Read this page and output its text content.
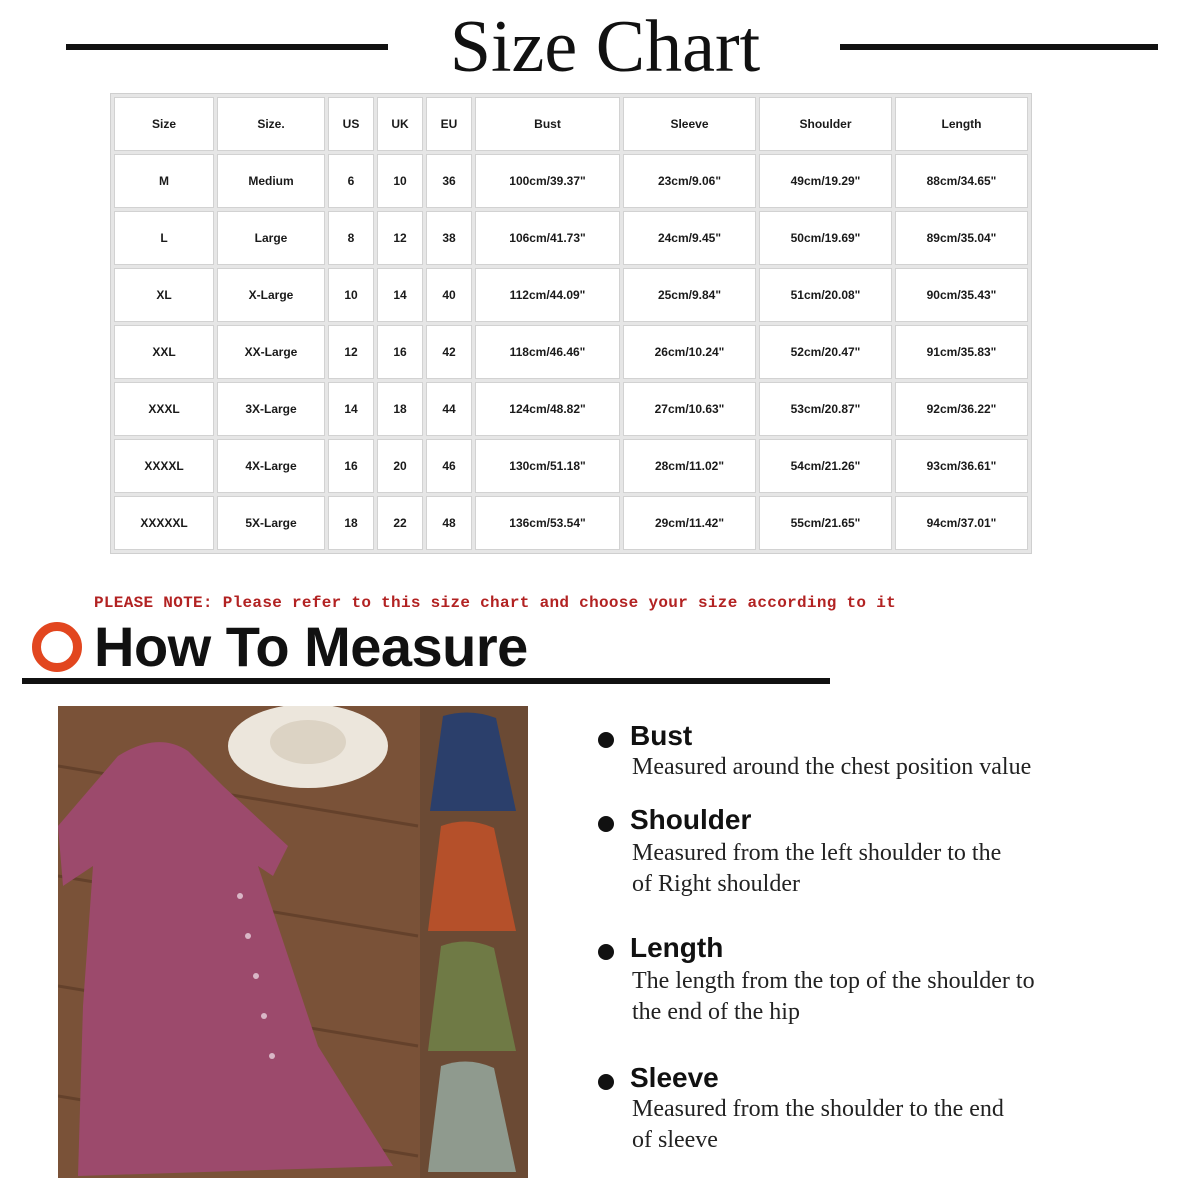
Size Chart
Size	Size.	US	UK	EU	Bust	Sleeve	Shoulder	Length
M	Medium	6	10	36	100cm/39.37"	23cm/9.06"	49cm/19.29"	88cm/34.65"
L	Large	8	12	38	106cm/41.73"	24cm/9.45"	50cm/19.69"	89cm/35.04"
XL	X-Large	10	14	40	112cm/44.09"	25cm/9.84"	51cm/20.08"	90cm/35.43"
XXL	XX-Large	12	16	42	118cm/46.46"	26cm/10.24"	52cm/20.47"	91cm/35.83"
XXXL	3X-Large	14	18	44	124cm/48.82"	27cm/10.63"	53cm/20.87"	92cm/36.22"
XXXXL	4X-Large	16	20	46	130cm/51.18"	28cm/11.02"	54cm/21.26"	93cm/36.61"
XXXXXL	5X-Large	18	22	48	136cm/53.54"	29cm/11.42"	55cm/21.65"	94cm/37.01"
PLEASE NOTE: Please refer to this size chart and choose your size according to it
How To Measure
Bust
Measured around the chest position value
Shoulder
Measured from the left shoulder to the
of Right shoulder
Length
The length from the top of the shoulder to
the end of the hip
Sleeve
Measured from the shoulder to the end
of sleeve
